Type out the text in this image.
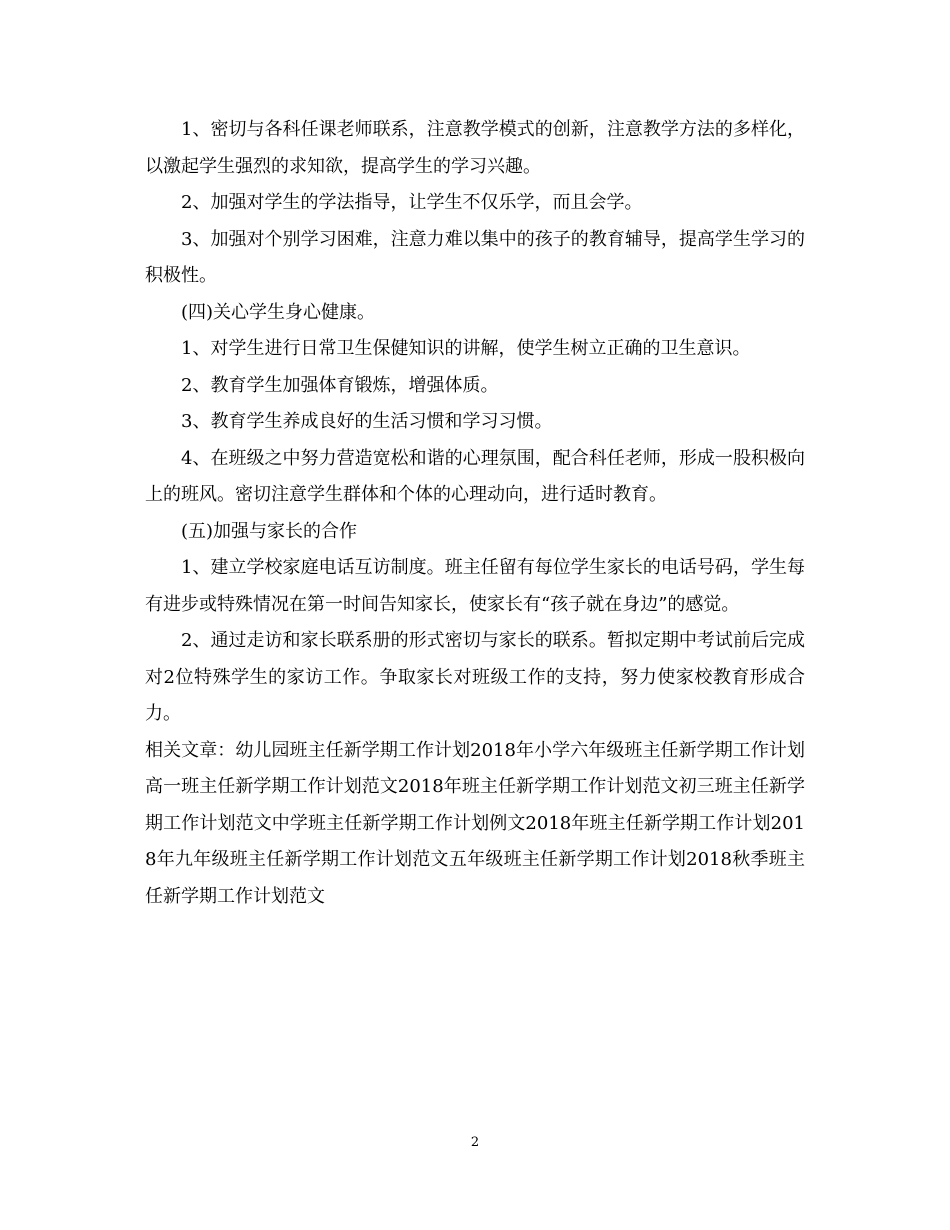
1、密切与各科任课老师联系，注意教学模式的创新，注意教学方法的多样化，以激起学生强烈的求知欲，提高学生的学习兴趣。

2、加强对学生的学法指导，让学生不仅乐学，而且会学。

3、加强对个别学习困难，注意力难以集中的孩子的教育辅导，提高学生学习的积极性。

(四)关心学生身心健康。

1、对学生进行日常卫生保健知识的讲解，使学生树立正确的卫生意识。

2、教育学生加强体育锻炼，增强体质。

3、教育学生养成良好的生活习惯和学习习惯。

4、在班级之中努力营造宽松和谐的心理氛围，配合科任老师，形成一股积极向上的班风。密切注意学生群体和个体的心理动向，进行适时教育。

(五)加强与家长的合作

1、建立学校家庭电话互访制度。班主任留有每位学生家长的电话号码，学生每有进步或特殊情况在第一时间告知家长，使家长有“孩子就在身边”的感觉。

2、通过走访和家长联系册的形式密切与家长的联系。暂拟定期中考试前后完成对2位特殊学生的家访工作。争取家长对班级工作的支持，努力使家校教育形成合力。

相关文章：幼儿园班主任新学期工作计划2018年小学六年级班主任新学期工作计划高一班主任新学期工作计划范文2018年班主任新学期工作计划范文初三班主任新学期工作计划范文中学班主任新学期工作计划例文2018年班主任新学期工作计划2018年九年级班主任新学期工作计划范文五年级班主任新学期工作计划2018秋季班主任新学期工作计划范文

2
